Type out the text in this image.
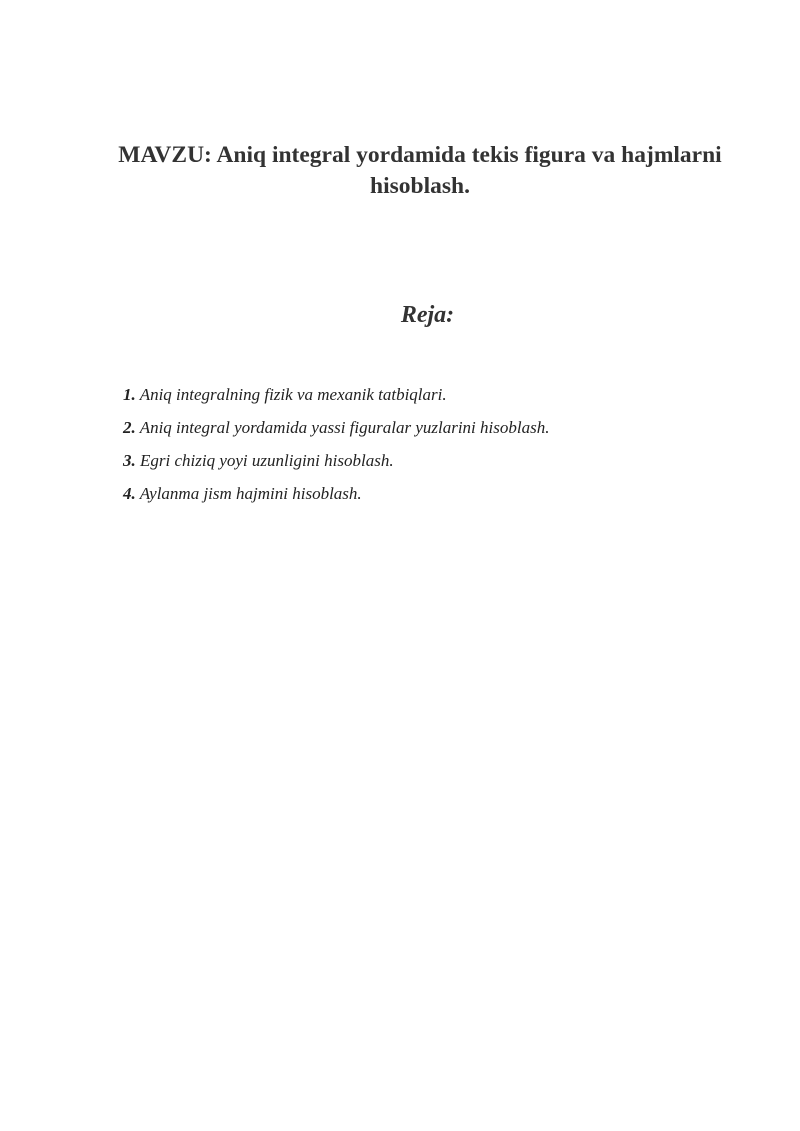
MAVZU: Aniq integral yordamida tekis figura va hajmlarni hisoblash.
Reja:
1. Aniq integralning fizik va mexanik tatbiqlari.
2. Aniq integral yordamida yassi figuralar yuzlarini hisoblash.
3. Egri chiziq yoyi uzunligini hisoblash.
4. Aylanma jism hajmini hisoblash.
